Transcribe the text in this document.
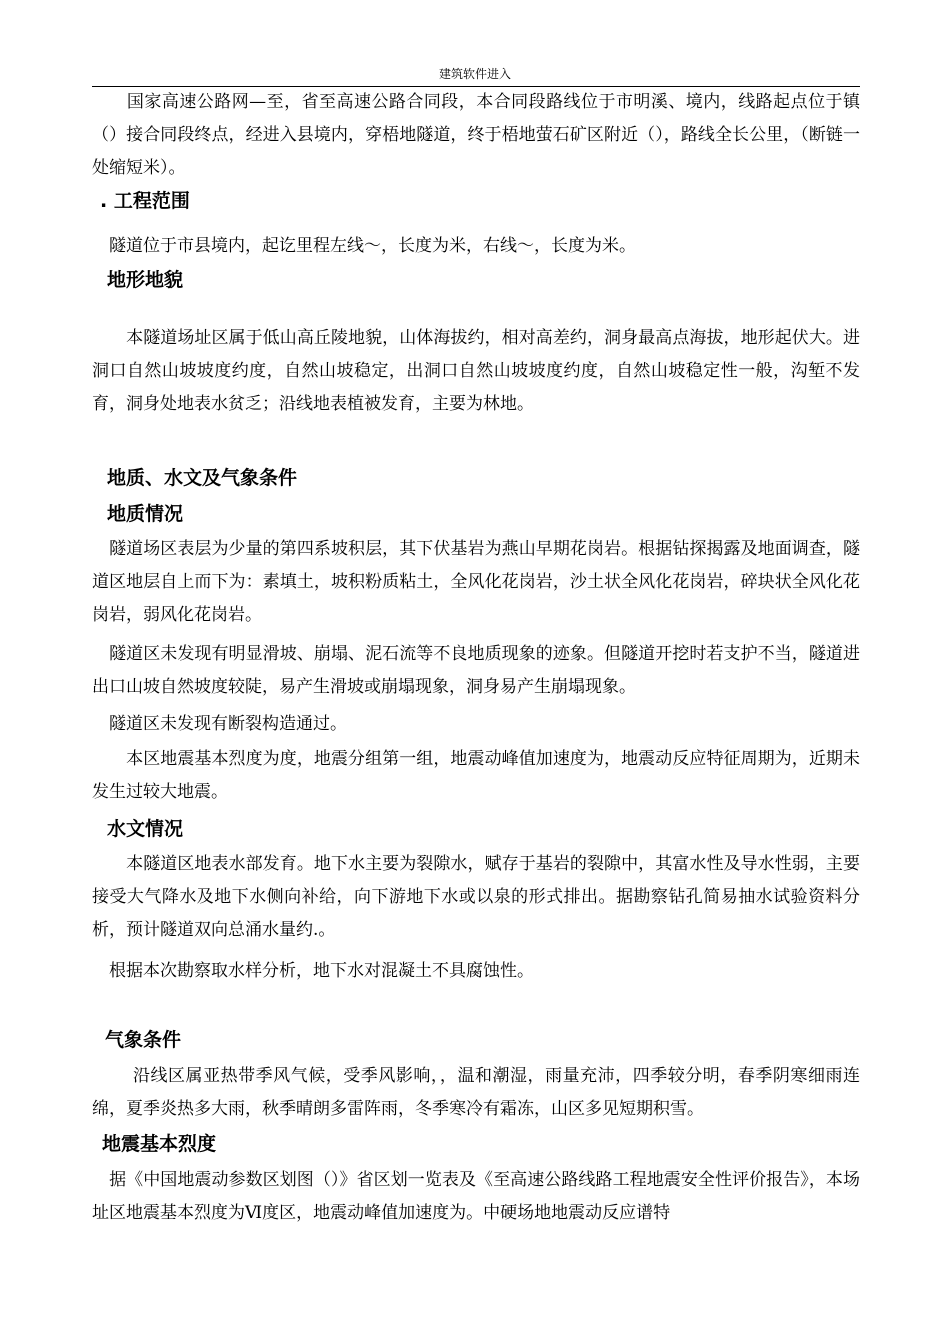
建筑软件进入

　　国家高速公路网—至，省至高速公路合同段，本合同段路线位于市明溪、境内，线路起点位于镇（）接合同段终点，经进入县境内，穿梧地隧道，终于梧地萤石矿区附近（），路线全长公里，（断链一处缩短米）。

. 工程范围

　隧道位于市县境内，起讫里程左线～，长度为米，右线～，长度为米。

地形地貌

　　本隧道场址区属于低山高丘陵地貌，山体海拔约，相对高差约，洞身最高点海拔，地形起伏大。进洞口自然山坡坡度约度，自然山坡稳定，出洞口自然山坡坡度约度，自然山坡稳定性一般，沟堑不发育，洞身处地表水贫乏；沿线地表植被发育，主要为林地。

地质、水文及气象条件
地质情况

　隧道场区表层为少量的第四系坡积层，其下伏基岩为燕山早期花岗岩。根据钻探揭露及地面调查，隧道区地层自上而下为：素填土，坡积粉质粘土，全风化花岗岩，沙土状全风化花岗岩，碎块状全风化花岗岩，弱风化花岗岩。

　隧道区未发现有明显滑坡、崩塌、泥石流等不良地质现象的迹象。但隧道开挖时若支护不当，隧道进出口山坡自然坡度较陡，易产生滑坡或崩塌现象，洞身易产生崩塌现象。

　隧道区未发现有断裂构造通过。

　　本区地震基本烈度为度，地震分组第一组，地震动峰值加速度为，地震动反应特征周期为，近期未发生过较大地震。

水文情况

　　本隧道区地表水部发育。地下水主要为裂隙水，赋存于基岩的裂隙中，其富水性及导水性弱，主要接受大气降水及地下水侧向补给，向下游地下水或以泉的形式排出。据勘察钻孔简易抽水试验资料分析，预计隧道双向总涌水量约.。

　根据本次勘察取水样分析，地下水对混凝土不具腐蚀性。

气象条件

　　 沿线区属亚热带季风气候，受季风影响，，温和潮湿，雨量充沛，四季较分明，春季阴寒细雨连绵，夏季炎热多大雨，秋季晴朗多雷阵雨，冬季寒冷有霜冻，山区多见短期积雪。

地震基本烈度

　据《中国地震动参数区划图（）》省区划一览表及《至高速公路线路工程地震安全性评价报告》，本场址区地震基本烈度为Ⅵ度区，地震动峰值加速度为。中硬场地地震动反应谱特
